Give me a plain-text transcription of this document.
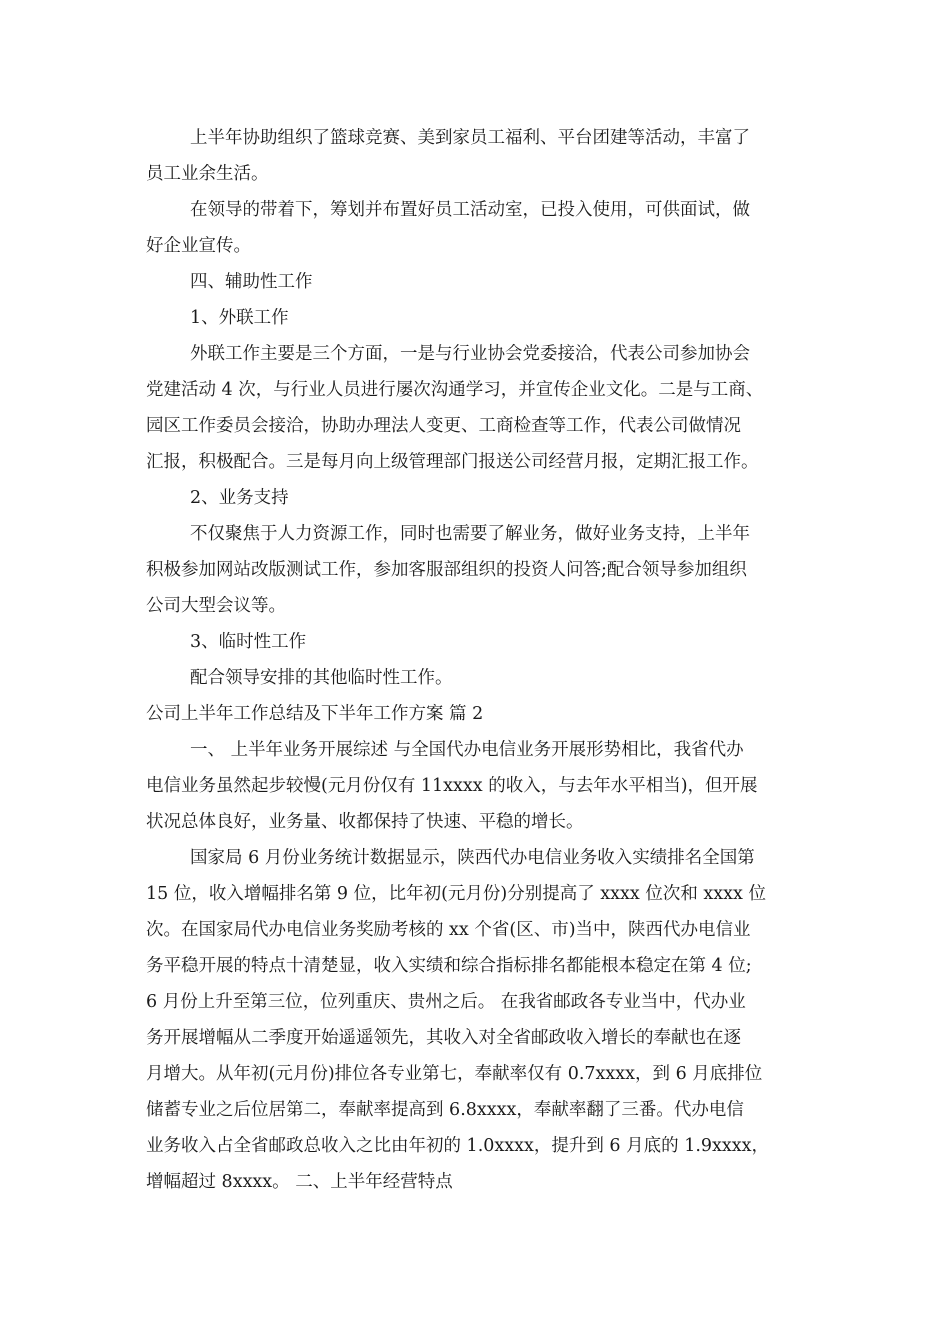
上半年协助组织了篮球竞赛、美到家员工福利、平台团建等活动，丰富了
员工业余生活。
在领导的带着下，筹划并布置好员工活动室，已投入使用，可供面试，做
好企业宣传。
四、辅助性工作
1、外联工作
外联工作主要是三个方面，一是与行业协会党委接洽，代表公司参加协会
党建活动 4 次，与行业人员进行屡次沟通学习，并宣传企业文化。二是与工商、
园区工作委员会接洽，协助办理法人变更、工商检查等工作，代表公司做情况
汇报，积极配合。三是每月向上级管理部门报送公司经营月报，定期汇报工作。
2、业务支持
不仅聚焦于人力资源工作，同时也需要了解业务，做好业务支持，上半年
积极参加网站改版测试工作，参加客服部组织的投资人问答;配合领导参加组织
公司大型会议等。
3、临时性工作
配合领导安排的其他临时性工作。
公司上半年工作总结及下半年工作方案 篇 2
一、 上半年业务开展综述 与全国代办电信业务开展形势相比，我省代办
电信业务虽然起步较慢(元月份仅有 11xxxx 的收入，与去年水平相当)，但开展
状况总体良好，业务量、收都保持了快速、平稳的增长。
国家局 6 月份业务统计数据显示，陕西代办电信业务收入实绩排名全国第
15 位，收入增幅排名第 9 位，比年初(元月份)分别提高了 xxxx 位次和 xxxx 位
次。在国家局代办电信业务奖励考核的 xx 个省(区、市)当中，陕西代办电信业
务平稳开展的特点十清楚显，收入实绩和综合指标排名都能根本稳定在第 4 位;
6 月份上升至第三位，位列重庆、贵州之后。 在我省邮政各专业当中，代办业
务开展增幅从二季度开始遥遥领先，其收入对全省邮政收入增长的奉献也在逐
月增大。从年初(元月份)排位各专业第七，奉献率仅有 0.7xxxx，到 6 月底排位
储蓄专业之后位居第二，奉献率提高到 6.8xxxx，奉献率翻了三番。代办电信
业务收入占全省邮政总收入之比由年初的 1.0xxxx，提升到 6 月底的 1.9xxxx，
增幅超过 8xxxx。 二、上半年经营特点
